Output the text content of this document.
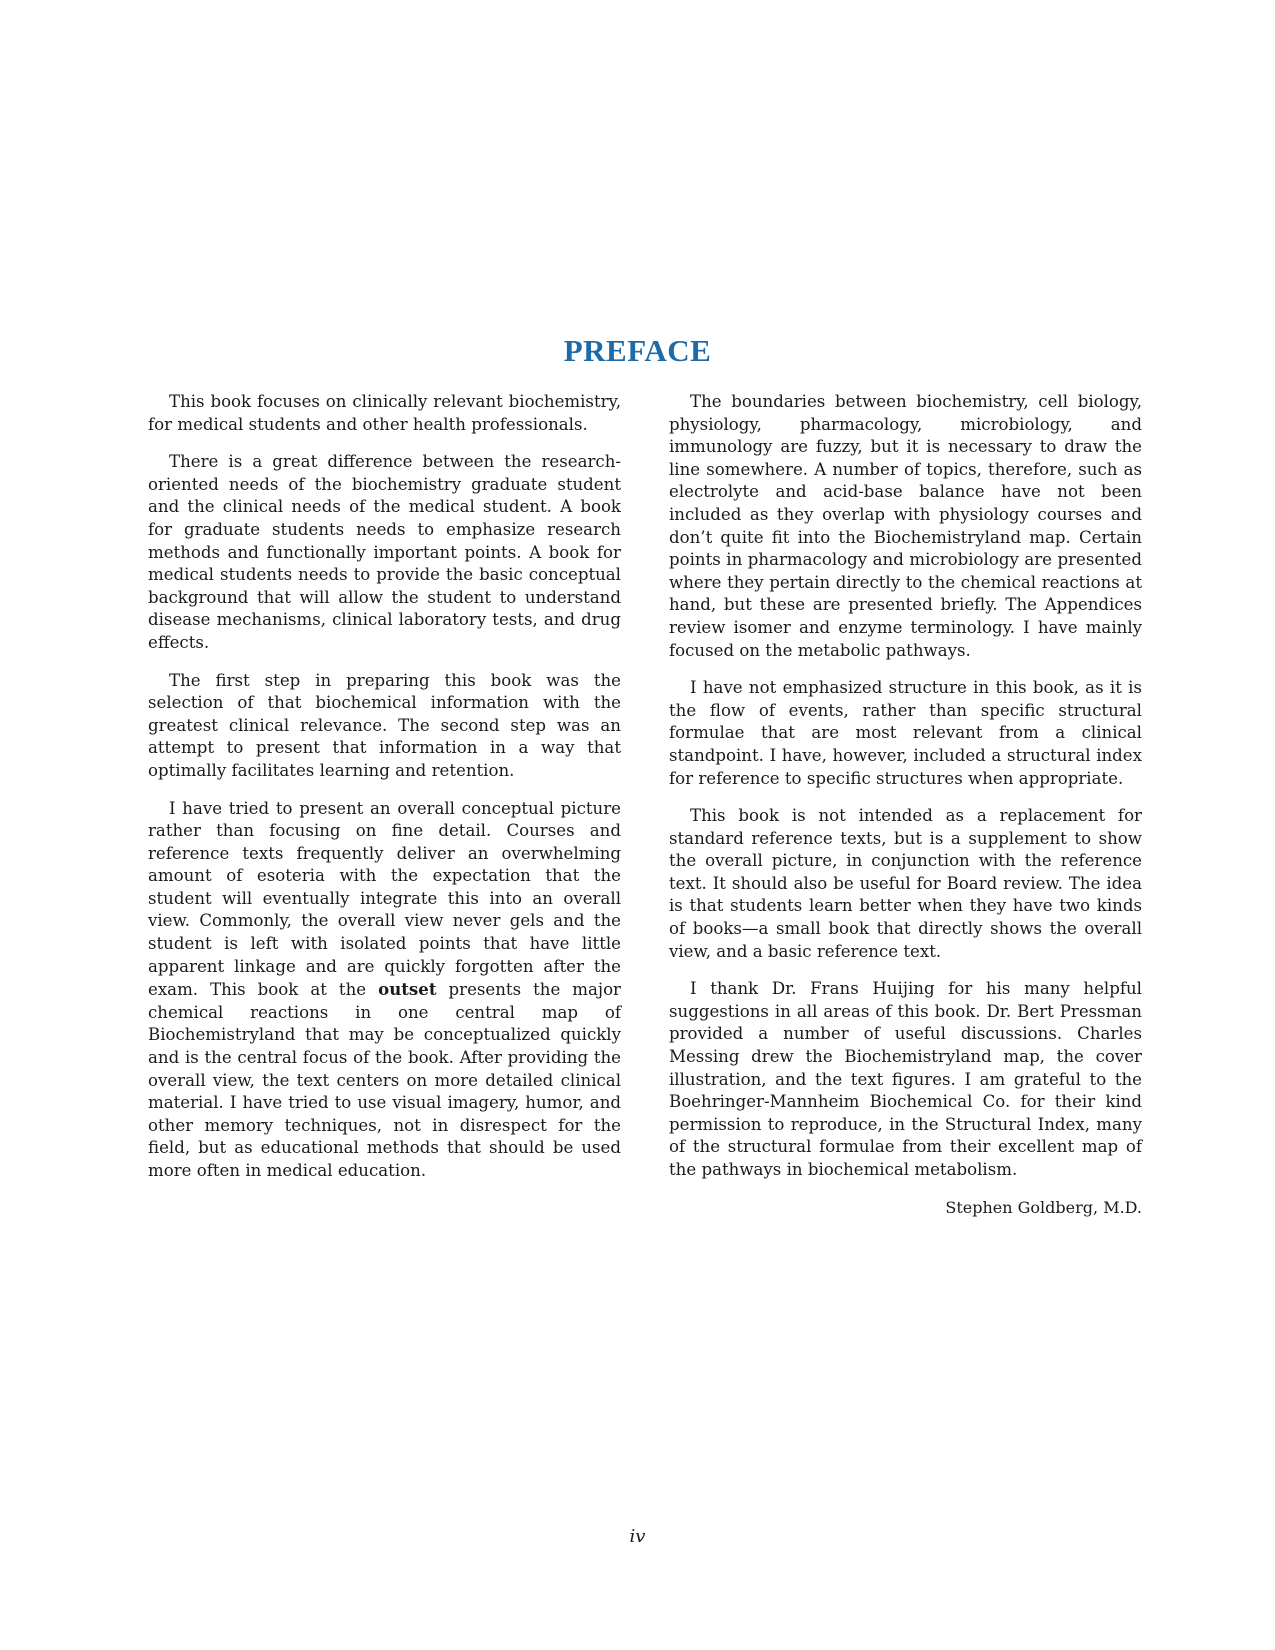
PREFACE

This book focuses on clinically relevant biochemistry, for medical students and other health professionals.

There is a great difference between the research-oriented needs of the biochemistry graduate student and the clinical needs of the medical student. A book for graduate students needs to emphasize research methods and functionally important points. A book for medical students needs to provide the basic conceptual background that will allow the student to understand disease mechanisms, clinical laboratory tests, and drug effects.

The first step in preparing this book was the selection of that biochemical information with the greatest clinical relevance. The second step was an attempt to present that information in a way that optimally facilitates learning and retention.

I have tried to present an overall conceptual picture rather than focusing on fine detail. Courses and reference texts frequently deliver an overwhelming amount of esoteria with the expectation that the student will eventually integrate this into an overall view. Commonly, the overall view never gels and the student is left with isolated points that have little apparent linkage and are quickly forgotten after the exam. This book at the outset presents the major chemical reactions in one central map of Biochemistryland that may be conceptualized quickly and is the central focus of the book. After providing the overall view, the text centers on more detailed clinical material. I have tried to use visual imagery, humor, and other memory techniques, not in disrespect for the field, but as educational methods that should be used more often in medical education.

The boundaries between biochemistry, cell biology, physiology, pharmacology, microbiology, and immunology are fuzzy, but it is necessary to draw the line somewhere. A number of topics, therefore, such as electrolyte and acid-base balance have not been included as they overlap with physiology courses and don’t quite fit into the Biochemistryland map. Certain points in pharmacology and microbiology are presented where they pertain directly to the chemical reactions at hand, but these are presented briefly. The Appendices review isomer and enzyme terminology. I have mainly focused on the metabolic pathways.

I have not emphasized structure in this book, as it is the flow of events, rather than specific structural formulae that are most relevant from a clinical standpoint. I have, however, included a structural index for reference to specific structures when appropriate.

This book is not intended as a replacement for standard reference texts, but is a supplement to show the overall picture, in conjunction with the reference text. It should also be useful for Board review. The idea is that students learn better when they have two kinds of books—a small book that directly shows the overall view, and a basic reference text.

I thank Dr. Frans Huijing for his many helpful suggestions in all areas of this book. Dr. Bert Pressman provided a number of useful discussions. Charles Messing drew the Biochemistryland map, the cover illustration, and the text figures. I am grateful to the Boehringer-Mannheim Biochemical Co. for their kind permission to reproduce, in the Structural Index, many of the structural formulae from their excellent map of the pathways in biochemical metabolism.

Stephen Goldberg, M.D.

iv
